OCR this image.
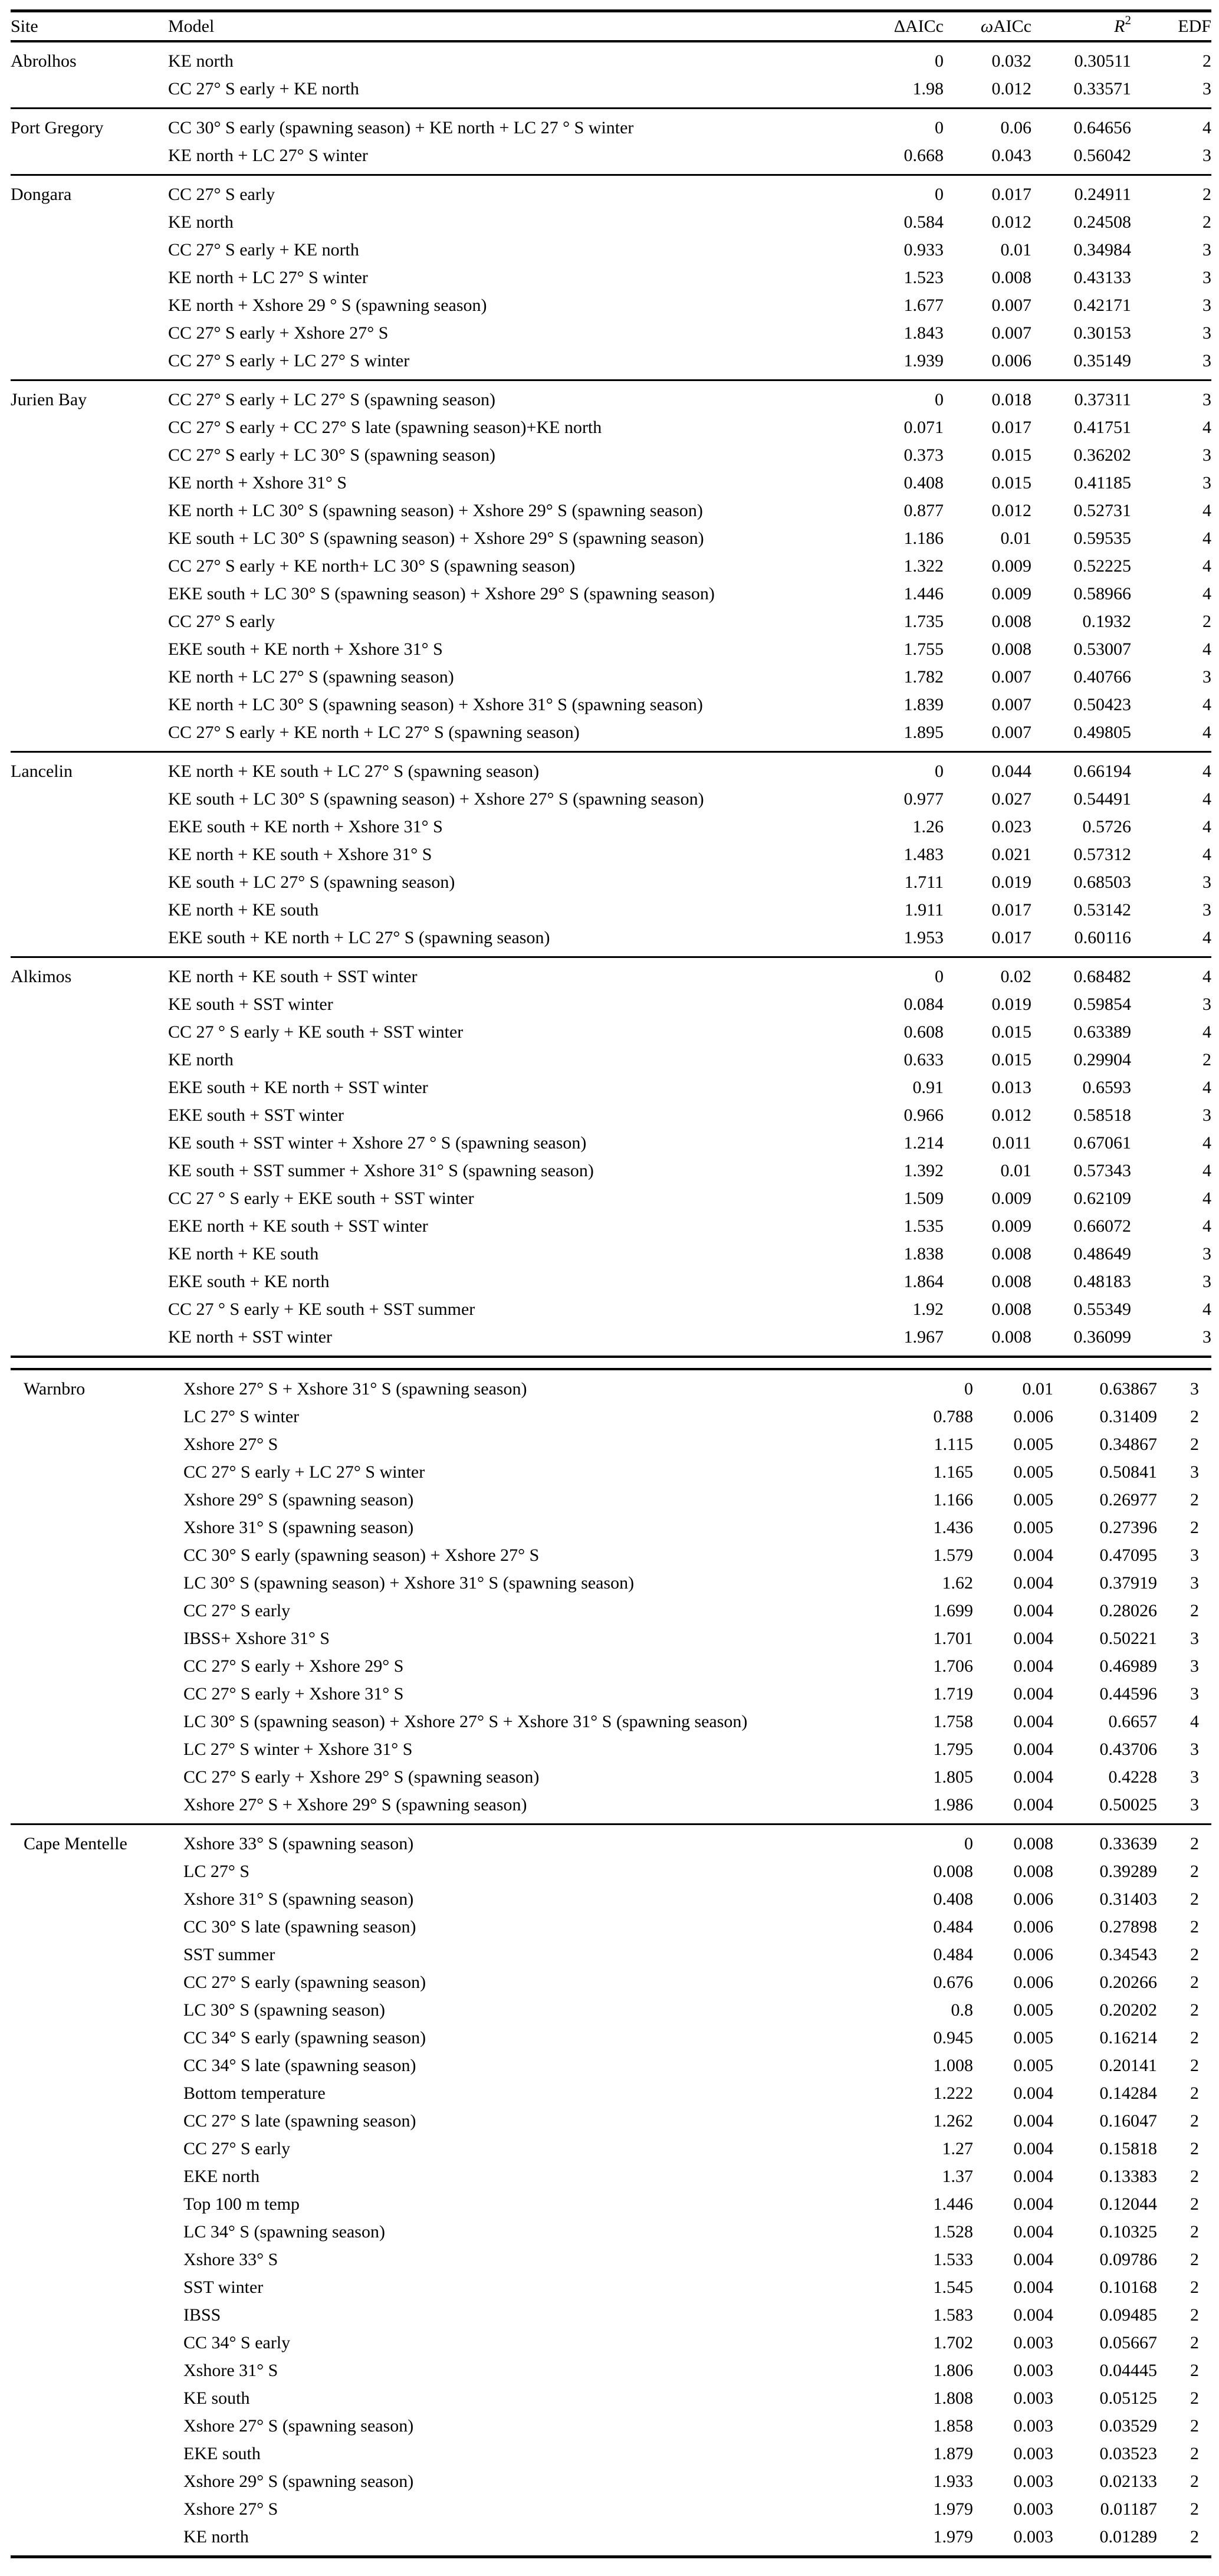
Site	Model	ΔAICc	ωAICc	$R^2$	EDF
Abrolhos	KE north	0	0.032	0.30511	2
	CC 27° S early + KE north	1.98	0.012	0.33571	3
Port Gregory	CC 30° S early (spawning season) + KE north + LC 27 ° S winter	0	0.06	0.64656	4
	KE north + LC 27° S winter	0.668	0.043	0.56042	3
Dongara	CC 27° S early	0	0.017	0.24911	2
	KE north	0.584	0.012	0.24508	2
	CC 27° S early + KE north	0.933	0.01	0.34984	3
	KE north + LC 27° S winter	1.523	0.008	0.43133	3
	KE north + Xshore 29 ° S (spawning season)	1.677	0.007	0.42171	3
	CC 27° S early + Xshore 27° S	1.843	0.007	0.30153	3
	CC 27° S early + LC 27° S winter	1.939	0.006	0.35149	3
Jurien Bay	CC 27° S early + LC 27° S (spawning season)	0	0.018	0.37311	3
	CC 27° S early + CC 27° S late (spawning season)+KE north	0.071	0.017	0.41751	4
	CC 27° S early + LC 30° S (spawning season)	0.373	0.015	0.36202	3
	KE north + Xshore 31° S	0.408	0.015	0.41185	3
	KE north + LC 30° S (spawning season) + Xshore 29° S (spawning season)	0.877	0.012	0.52731	4
	KE south + LC 30° S (spawning season) + Xshore 29° S (spawning season)	1.186	0.01	0.59535	4
	CC 27° S early + KE north+ LC 30° S (spawning season)	1.322	0.009	0.52225	4
	EKE south + LC 30° S (spawning season) + Xshore 29° S (spawning season)	1.446	0.009	0.58966	4
	CC 27° S early	1.735	0.008	0.1932	2
	EKE south + KE north + Xshore 31° S	1.755	0.008	0.53007	4
	KE north + LC 27° S (spawning season)	1.782	0.007	0.40766	3
	KE north + LC 30° S (spawning season) + Xshore 31° S (spawning season)	1.839	0.007	0.50423	4
	CC 27° S early + KE north + LC 27° S (spawning season)	1.895	0.007	0.49805	4
Lancelin	KE north + KE south + LC 27° S (spawning season)	0	0.044	0.66194	4
	KE south + LC 30° S (spawning season) + Xshore 27° S (spawning season)	0.977	0.027	0.54491	4
	EKE south + KE north + Xshore 31° S	1.26	0.023	0.5726	4
	KE north + KE south + Xshore 31° S	1.483	0.021	0.57312	4
	KE south + LC 27° S (spawning season)	1.711	0.019	0.68503	3
	KE north + KE south	1.911	0.017	0.53142	3
	EKE south + KE north + LC 27° S (spawning season)	1.953	0.017	0.60116	4
Alkimos	KE north + KE south + SST winter	0	0.02	0.68482	4
	KE south + SST winter	0.084	0.019	0.59854	3
	CC 27 ° S early + KE south + SST winter	0.608	0.015	0.63389	4
	KE north	0.633	0.015	0.29904	2
	EKE south + KE north + SST winter	0.91	0.013	0.6593	4
	EKE south + SST winter	0.966	0.012	0.58518	3
	KE south + SST winter + Xshore 27 ° S (spawning season)	1.214	0.011	0.67061	4
	KE south + SST summer + Xshore 31° S (spawning season)	1.392	0.01	0.57343	4
	CC 27 ° S early + EKE south + SST winter	1.509	0.009	0.62109	4
	EKE north + KE south + SST winter	1.535	0.009	0.66072	4
	KE north + KE south	1.838	0.008	0.48649	3
	EKE south + KE north	1.864	0.008	0.48183	3
	CC 27 ° S early + KE south + SST summer	1.92	0.008	0.55349	4
	KE north + SST winter	1.967	0.008	0.36099	3
Warnbro	Xshore 27° S + Xshore 31° S (spawning season)	0	0.01	0.63867	3
	LC 27° S winter	0.788	0.006	0.31409	2
	Xshore 27° S	1.115	0.005	0.34867	2
	CC 27° S early + LC 27° S winter	1.165	0.005	0.50841	3
	Xshore 29° S (spawning season)	1.166	0.005	0.26977	2
	Xshore 31° S (spawning season)	1.436	0.005	0.27396	2
	CC 30° S early (spawning season) + Xshore 27° S	1.579	0.004	0.47095	3
	LC 30° S (spawning season) + Xshore 31° S (spawning season)	1.62	0.004	0.37919	3
	CC 27° S early	1.699	0.004	0.28026	2
	IBSS+ Xshore 31° S	1.701	0.004	0.50221	3
	CC 27° S early + Xshore 29° S	1.706	0.004	0.46989	3
	CC 27° S early + Xshore 31° S	1.719	0.004	0.44596	3
	LC 30° S (spawning season) + Xshore 27° S + Xshore 31° S (spawning season)	1.758	0.004	0.6657	4
	LC 27° S winter + Xshore 31° S	1.795	0.004	0.43706	3
	CC 27° S early + Xshore 29° S (spawning season)	1.805	0.004	0.4228	3
	Xshore 27° S + Xshore 29° S (spawning season)	1.986	0.004	0.50025	3
Cape Mentelle	Xshore 33° S (spawning season)	0	0.008	0.33639	2
	LC 27° S	0.008	0.008	0.39289	2
	Xshore 31° S (spawning season)	0.408	0.006	0.31403	2
	CC 30° S late (spawning season)	0.484	0.006	0.27898	2
	SST summer	0.484	0.006	0.34543	2
	CC 27° S early (spawning season)	0.676	0.006	0.20266	2
	LC 30° S (spawning season)	0.8	0.005	0.20202	2
	CC 34° S early (spawning season)	0.945	0.005	0.16214	2
	CC 34° S late (spawning season)	1.008	0.005	0.20141	2
	Bottom temperature	1.222	0.004	0.14284	2
	CC 27° S late (spawning season)	1.262	0.004	0.16047	2
	CC 27° S early	1.27	0.004	0.15818	2
	EKE north	1.37	0.004	0.13383	2
	Top 100 m temp	1.446	0.004	0.12044	2
	LC 34° S (spawning season)	1.528	0.004	0.10325	2
	Xshore 33° S	1.533	0.004	0.09786	2
	SST winter	1.545	0.004	0.10168	2
	IBSS	1.583	0.004	0.09485	2
	CC 34° S early	1.702	0.003	0.05667	2
	Xshore 31° S	1.806	0.003	0.04445	2
	KE south	1.808	0.003	0.05125	2
	Xshore 27° S (spawning season)	1.858	0.003	0.03529	2
	EKE south	1.879	0.003	0.03523	2
	Xshore 29° S (spawning season)	1.933	0.003	0.02133	2
	Xshore 27° S	1.979	0.003	0.01187	2
	KE north	1.979	0.003	0.01289	2
